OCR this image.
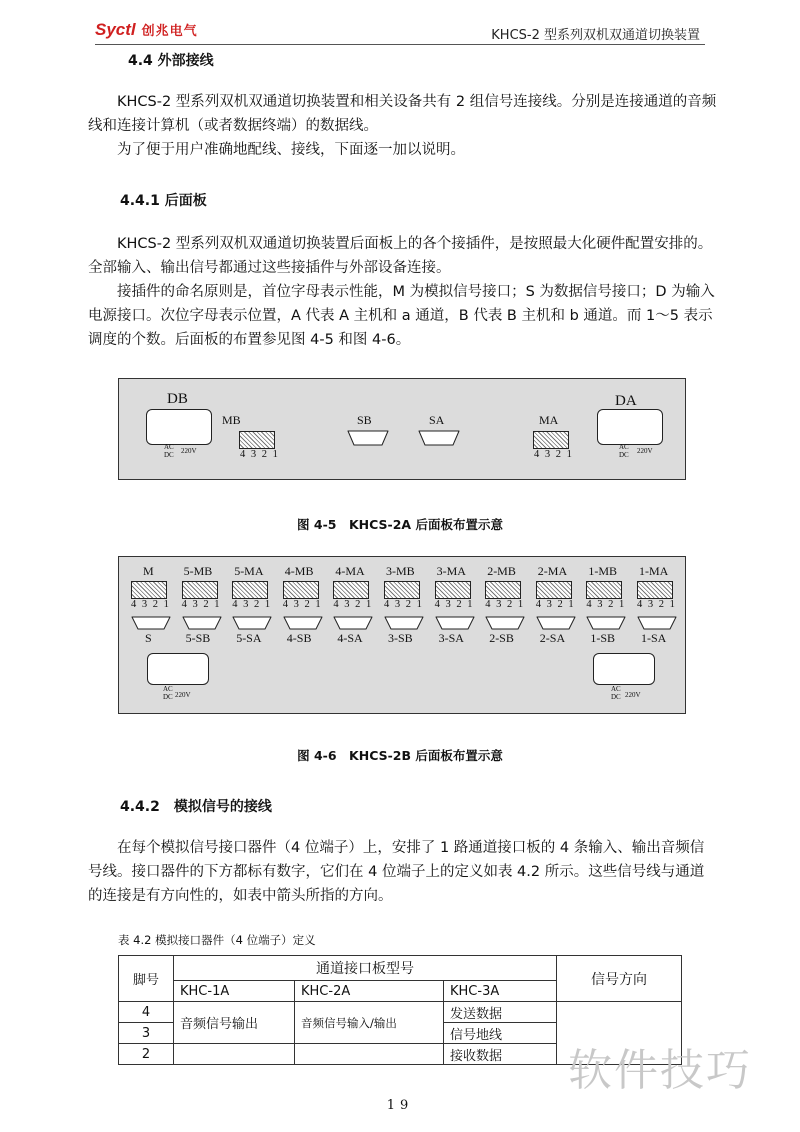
Syctl 创兆电气	KHCS-2 型系列双机双通道切换装置
4.4 外部接线

KHCS-2 型系列双机双通道切换装置和相关设备共有 2 组信号连接线。分别是连接通道的音频线和连接计算机（或者数据终端）的数据线。

为了便于用户准确地配线、接线，下面逐一加以说明。

4.4.1 后面板

KHCS-2 型系列双机双通道切换装置后面板上的各个接插件，是按照最大化硬件配置安排的。全部输入、输出信号都通过这些接插件与外部设备连接。

接插件的命名原则是，首位字母表示性能，M 为模拟信号接口；S 为数据信号接口；D 为输入电源接口。次位字母表示位置，A 代表 A 主机和 a 通道，B 代表 B 主机和 b 通道。而 1～5 表示调度的个数。后面板的布置参见图 4-5 和图 4-6。

DB
AC
DC 220V
MB
4 3 2 1
SB	SA	MA
4 3 2 1
DA
AC
DC 220V
图 4-5　KHCS-2A 后面板布置示意
AC
DC 220V
AC
DC 220V
M
4 3 2 1
S
5-MB
4 3 2 1
5-SB
5-MA
4 3 2 1
5-SA
4-MB
4 3 2 1
4-SB
4-MA
4 3 2 1
4-SA
3-MB
4 3 2 1
3-SB
3-MA
4 3 2 1
3-SA
2-MB
4 3 2 1
2-SB
2-MA
4 3 2 1
2-SA
1-MB
4 3 2 1
1-SB
1-MA
4 3 2 1
1-SA
图 4-6　KHCS-2B 后面板布置示意
4.4.2　模拟信号的接线

在每个模拟信号接口器件（4 位端子）上，安排了 1 路通道接口板的 4 条输入、输出音频信号线。接口器件的下方都标有数字，它们在 4 位端子上的定义如表 4.2 所示。这些信号线与通道的连接是有方向性的，如表中箭头所指的方向。

表 4.2 模拟接口器件（4 位端子）定义
脚号	通道接口板型号			信号方向
	KHC-1A	KHC-2A	KHC-3A	
4	音频信号输出	音频信号输入/输出	发送数据	
3			信号地线	
2			接收数据	软件技巧
19
